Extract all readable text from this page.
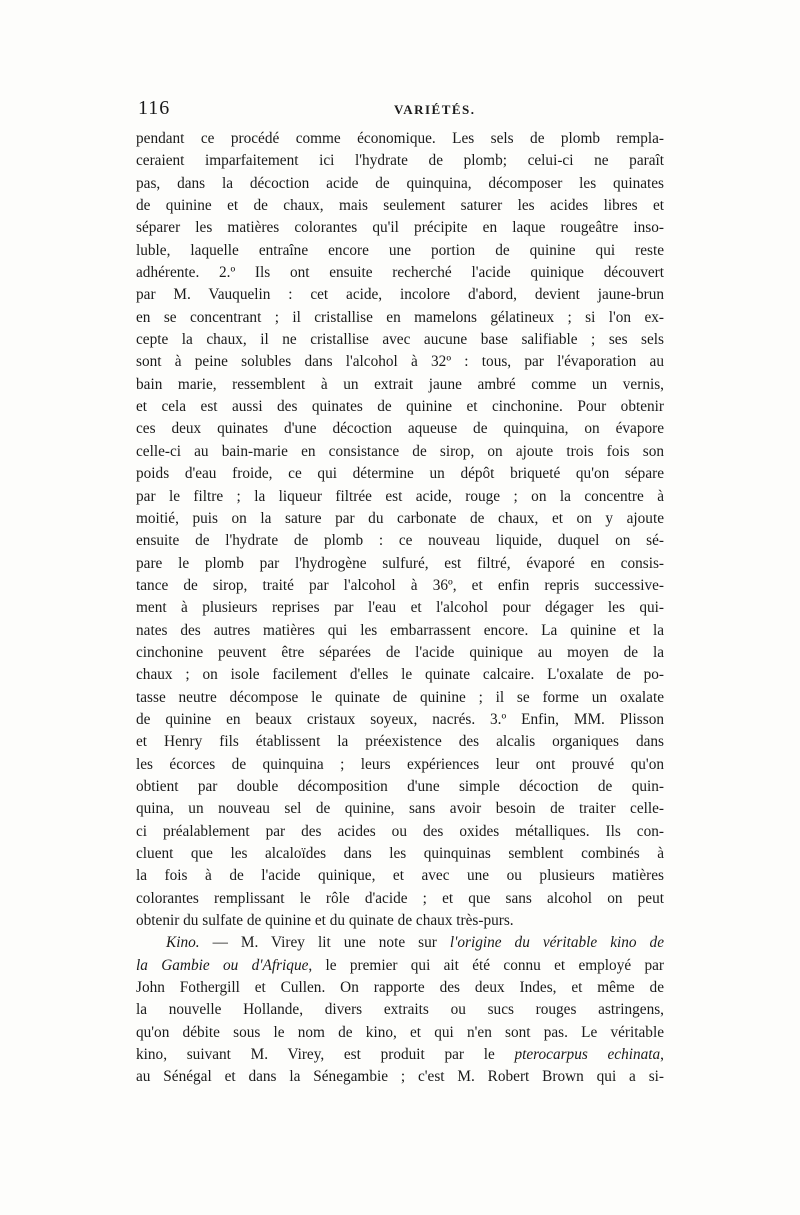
116	VARIÉTÉS.
pendant ce procédé comme économique. Les sels de plomb rempla-
ceraient imparfaitement ici l'hydrate de plomb; celui-ci ne paraît
pas, dans la décoction acide de quinquina, décomposer les quinates
de quinine et de chaux, mais seulement saturer les acides libres et
séparer les matières colorantes qu'il précipite en laque rougeâtre inso-
luble, laquelle entraîne encore une portion de quinine qui reste
adhérente. 2.º Ils ont ensuite recherché l'acide quinique découvert
par M. Vauquelin : cet acide, incolore d'abord, devient jaune-brun
en se concentrant ; il cristallise en mamelons gélatineux ; si l'on ex-
cepte la chaux, il ne cristallise avec aucune base salifiable ; ses sels
sont à peine solubles dans l'alcohol à 32º : tous, par l'évaporation au
bain marie, ressemblent à un extrait jaune ambré comme un vernis,
et cela est aussi des quinates de quinine et cinchonine. Pour obtenir
ces deux quinates d'une décoction aqueuse de quinquina, on évapore
celle-ci au bain-marie en consistance de sirop, on ajoute trois fois son
poids d'eau froide, ce qui détermine un dépôt briqueté qu'on sépare
par le filtre ; la liqueur filtrée est acide, rouge ; on la concentre à
moitié, puis on la sature par du carbonate de chaux, et on y ajoute
ensuite de l'hydrate de plomb : ce nouveau liquide, duquel on sé-
pare le plomb par l'hydrogène sulfuré, est filtré, évaporé en consis-
tance de sirop, traité par l'alcohol à 36º, et enfin repris successive-
ment à plusieurs reprises par l'eau et l'alcohol pour dégager les qui-
nates des autres matières qui les embarrassent encore. La quinine et la
cinchonine peuvent être séparées de l'acide quinique au moyen de la
chaux ; on isole facilement d'elles le quinate calcaire. L'oxalate de po-
tasse neutre décompose le quinate de quinine ; il se forme un oxalate
de quinine en beaux cristaux soyeux, nacrés. 3.º Enfin, MM. Plisson
et Henry fils établissent la préexistence des alcalis organiques dans
les écorces de quinquina ; leurs expériences leur ont prouvé qu'on
obtient par double décomposition d'une simple décoction de quin-
quina, un nouveau sel de quinine, sans avoir besoin de traiter celle-
ci préalablement par des acides ou des oxides métalliques. Ils con-
cluent que les alcaloïdes dans les quinquinas semblent combinés à
la fois à de l'acide quinique, et avec une ou plusieurs matières
colorantes remplissant le rôle d'acide ; et que sans alcohol on peut
obtenir du sulfate de quinine et du quinate de chaux très-purs.
Kino. — M. Virey lit une note sur l'origine du véritable kino de
la Gambie ou d'Afrique, le premier qui ait été connu et employé par
John Fothergill et Cullen. On rapporte des deux Indes, et même de
la nouvelle Hollande, divers extraits ou sucs rouges astringens,
qu'on débite sous le nom de kino, et qui n'en sont pas. Le véritable
kino, suivant M. Virey, est produit par le pterocarpus echinata,
au Sénégal et dans la Sénegambie ; c'est M. Robert Brown qui a si-
